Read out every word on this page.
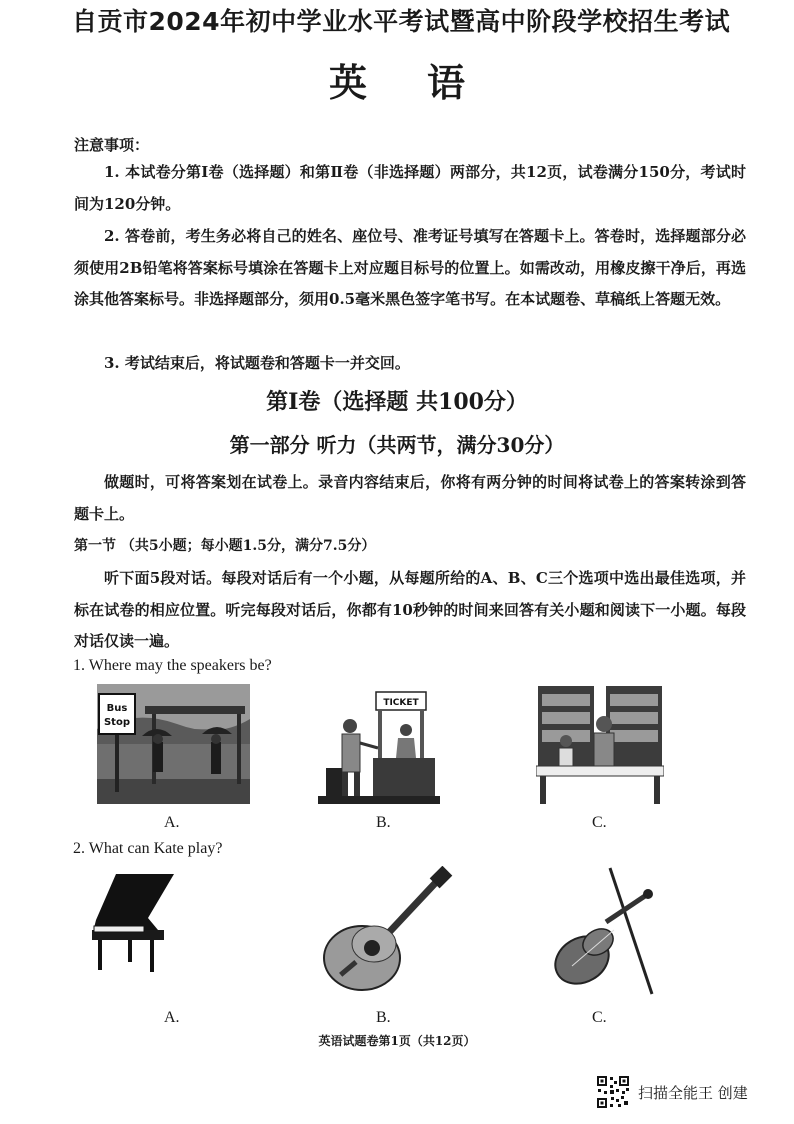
自贡市2024年初中学业水平考试暨高中阶段学校招生考试
英语
注意事项：
1. 本试卷分第Ⅰ卷（选择题）和第Ⅱ卷（非选择题）两部分，共12页，试卷满分150分，考试时间为120分钟。
2. 答卷前，考生务必将自己的姓名、座位号、准考证号填写在答题卡上。答卷时，选择题部分必须使用2B铅笔将答案标号填涂在答题卡上对应题目标号的位置上。如需改动，用橡皮擦干净后，再选涂其他答案标号。非选择题部分，须用0.5毫米黑色签字笔书写。在本试题卷、草稿纸上答题无效。
3. 考试结束后，将试题卷和答题卡一并交回。
第Ⅰ卷（选择题 共100分）
第一部分 听力（共两节，满分30分）
做题时，可将答案划在试卷上。录音内容结束后，你将有两分钟的时间将试卷上的答案转涂到答题卡上。
第一节 （共5小题；每小题1.5分，满分7.5分）
听下面5段对话。每段对话后有一个小题，从每题所给的A、B、C三个选项中选出最佳选项，并标在试卷的相应位置。听完每段对话后，你都有10秒钟的时间来回答有关小题和阅读下一小题。每段对话仅读一遍。
1. Where may the speakers be?
Bus
Stop
A.
TICKET
B.	C.
2. What can Kate play?
A.	B.	C.
英语试题卷第1页（共12页）
扫描全能王 创建
